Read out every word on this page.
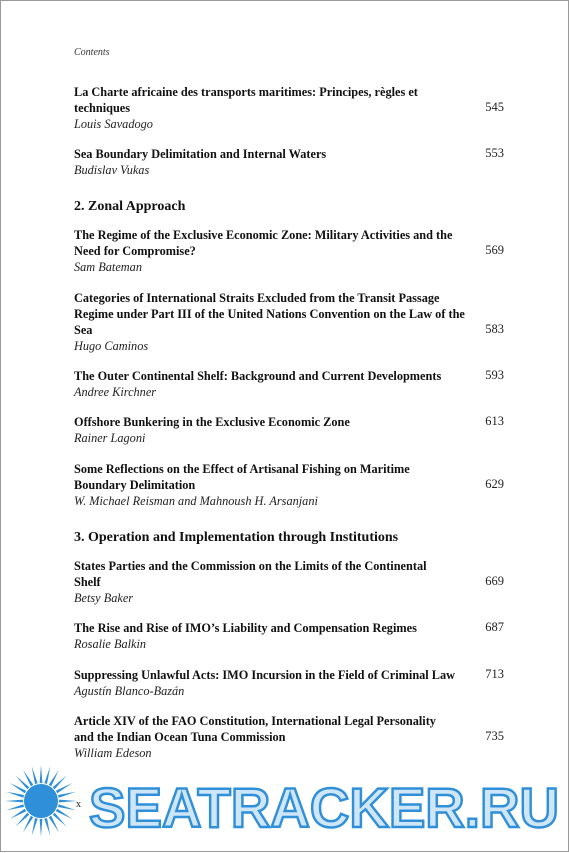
Contents
La Charte africaine des transports maritimes: Principes, règles et techniques
Louis Savadogo
545
Sea Boundary Delimitation and Internal Waters
Budislav Vukas
553
2. Zonal Approach
The Regime of the Exclusive Economic Zone: Military Activities and the Need for Compromise?
Sam Bateman
569
Categories of International Straits Excluded from the Transit Passage Regime under Part III of the United Nations Convention on the Law of the Sea
Hugo Caminos
583
The Outer Continental Shelf: Background and Current Developments
Andree Kirchner
593
Offshore Bunkering in the Exclusive Economic Zone
Rainer Lagoni
613
Some Reflections on the Effect of Artisanal Fishing on Maritime Boundary Delimitation
W. Michael Reisman and Mahnoush H. Arsanjani
629
3. Operation and Implementation through Institutions
States Parties and the Commission on the Limits of the Continental Shelf
Betsy Baker
669
The Rise and Rise of IMO’s Liability and Compensation Regimes
Rosalie Balkin
687
Suppressing Unlawful Acts: IMO Incursion in the Field of Criminal Law
Agustín Blanco-Bazán
713
Article XIV of the FAO Constitution, International Legal Personality and the Indian Ocean Tuna Commission
William Edeson
735
x SEATRACKER.RU
